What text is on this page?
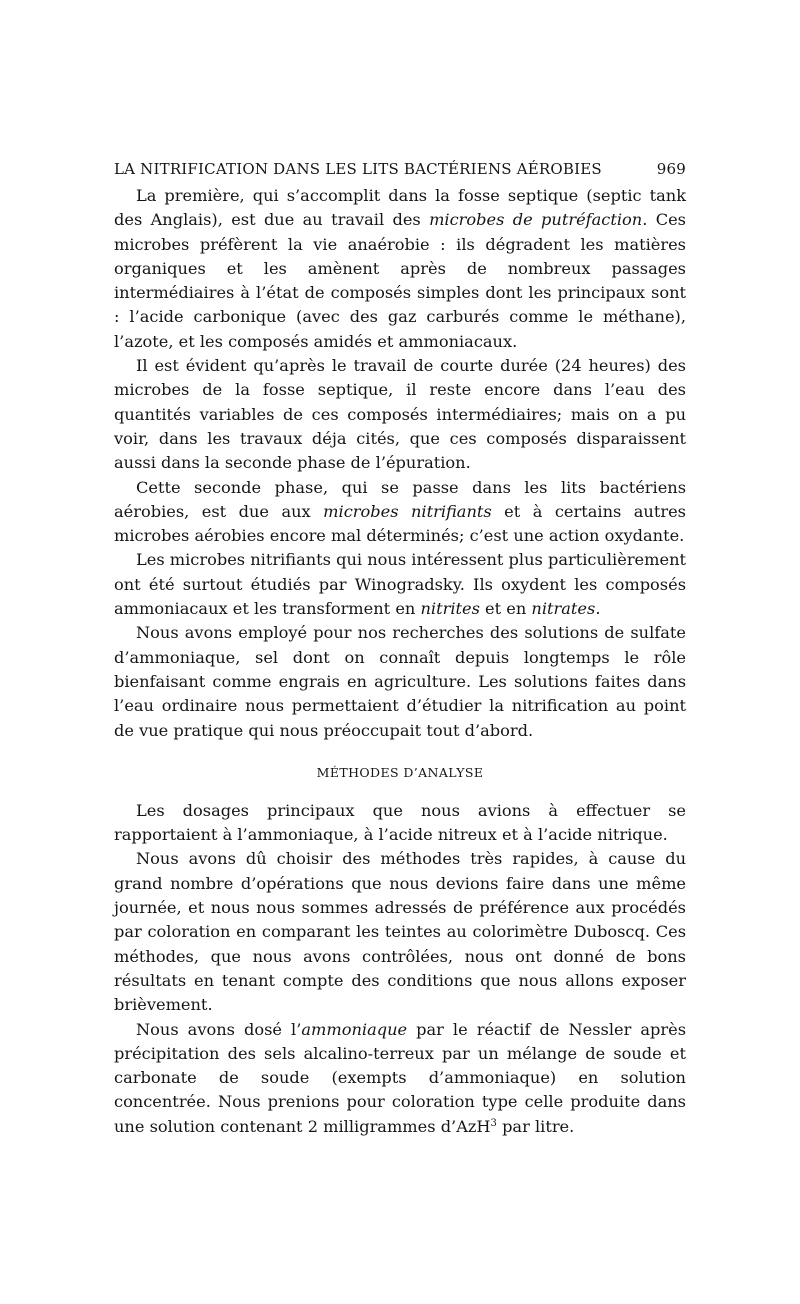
LA NITRIFICATION DANS LES LITS BACTÉRIENS AÉROBIES	969

La première, qui s’accomplit dans la fosse septique (septic tank des Anglais), est due au travail des microbes de putréfaction. Ces microbes préfèrent la vie anaérobie : ils dégradent les matières organiques et les amènent après de nombreux passages intermédiaires à l’état de composés simples dont les principaux sont : l’acide carbonique (avec des gaz carburés comme le méthane), l’azote, et les composés amidés et ammoniacaux.

Il est évident qu’après le travail de courte durée (24 heures) des microbes de la fosse septique, il reste encore dans l’eau des quantités variables de ces composés intermédiaires; mais on a pu voir, dans les travaux déja cités, que ces composés disparaissent aussi dans la seconde phase de l’épuration.

Cette seconde phase, qui se passe dans les lits bactériens aérobies, est due aux microbes nitrifiants et à certains autres microbes aérobies encore mal déterminés; c’est une action oxydante.

Les microbes nitrifiants qui nous intéressent plus particulièrement ont été surtout étudiés par Winogradsky. Ils oxydent les composés ammoniacaux et les transforment en nitrites et en nitrates.

Nous avons employé pour nos recherches des solutions de sulfate d’ammoniaque, sel dont on connaît depuis longtemps le rôle bienfaisant comme engrais en agriculture. Les solutions faites dans l’eau ordinaire nous permettaient d’étudier la nitrification au point de vue pratique qui nous préoccupait tout d’abord.

MÉTHODES D’ANALYSE

Les dosages principaux que nous avions à effectuer se rapportaient à l’ammoniaque, à l’acide nitreux et à l’acide nitrique.

Nous avons dû choisir des méthodes très rapides, à cause du grand nombre d’opérations que nous devions faire dans une même journée, et nous nous sommes adressés de préférence aux procédés par coloration en comparant les teintes au colorimètre Duboscq. Ces méthodes, que nous avons contrôlées, nous ont donné de bons résultats en tenant compte des conditions que nous allons exposer brièvement.

Nous avons dosé l’ammoniaque par le réactif de Nessler après précipitation des sels alcalino-terreux par un mélange de soude et carbonate de soude (exempts d’ammoniaque) en solution concentrée. Nous prenions pour coloration type celle produite dans une solution contenant 2 milligrammes d’AzH$^3$ par litre.
